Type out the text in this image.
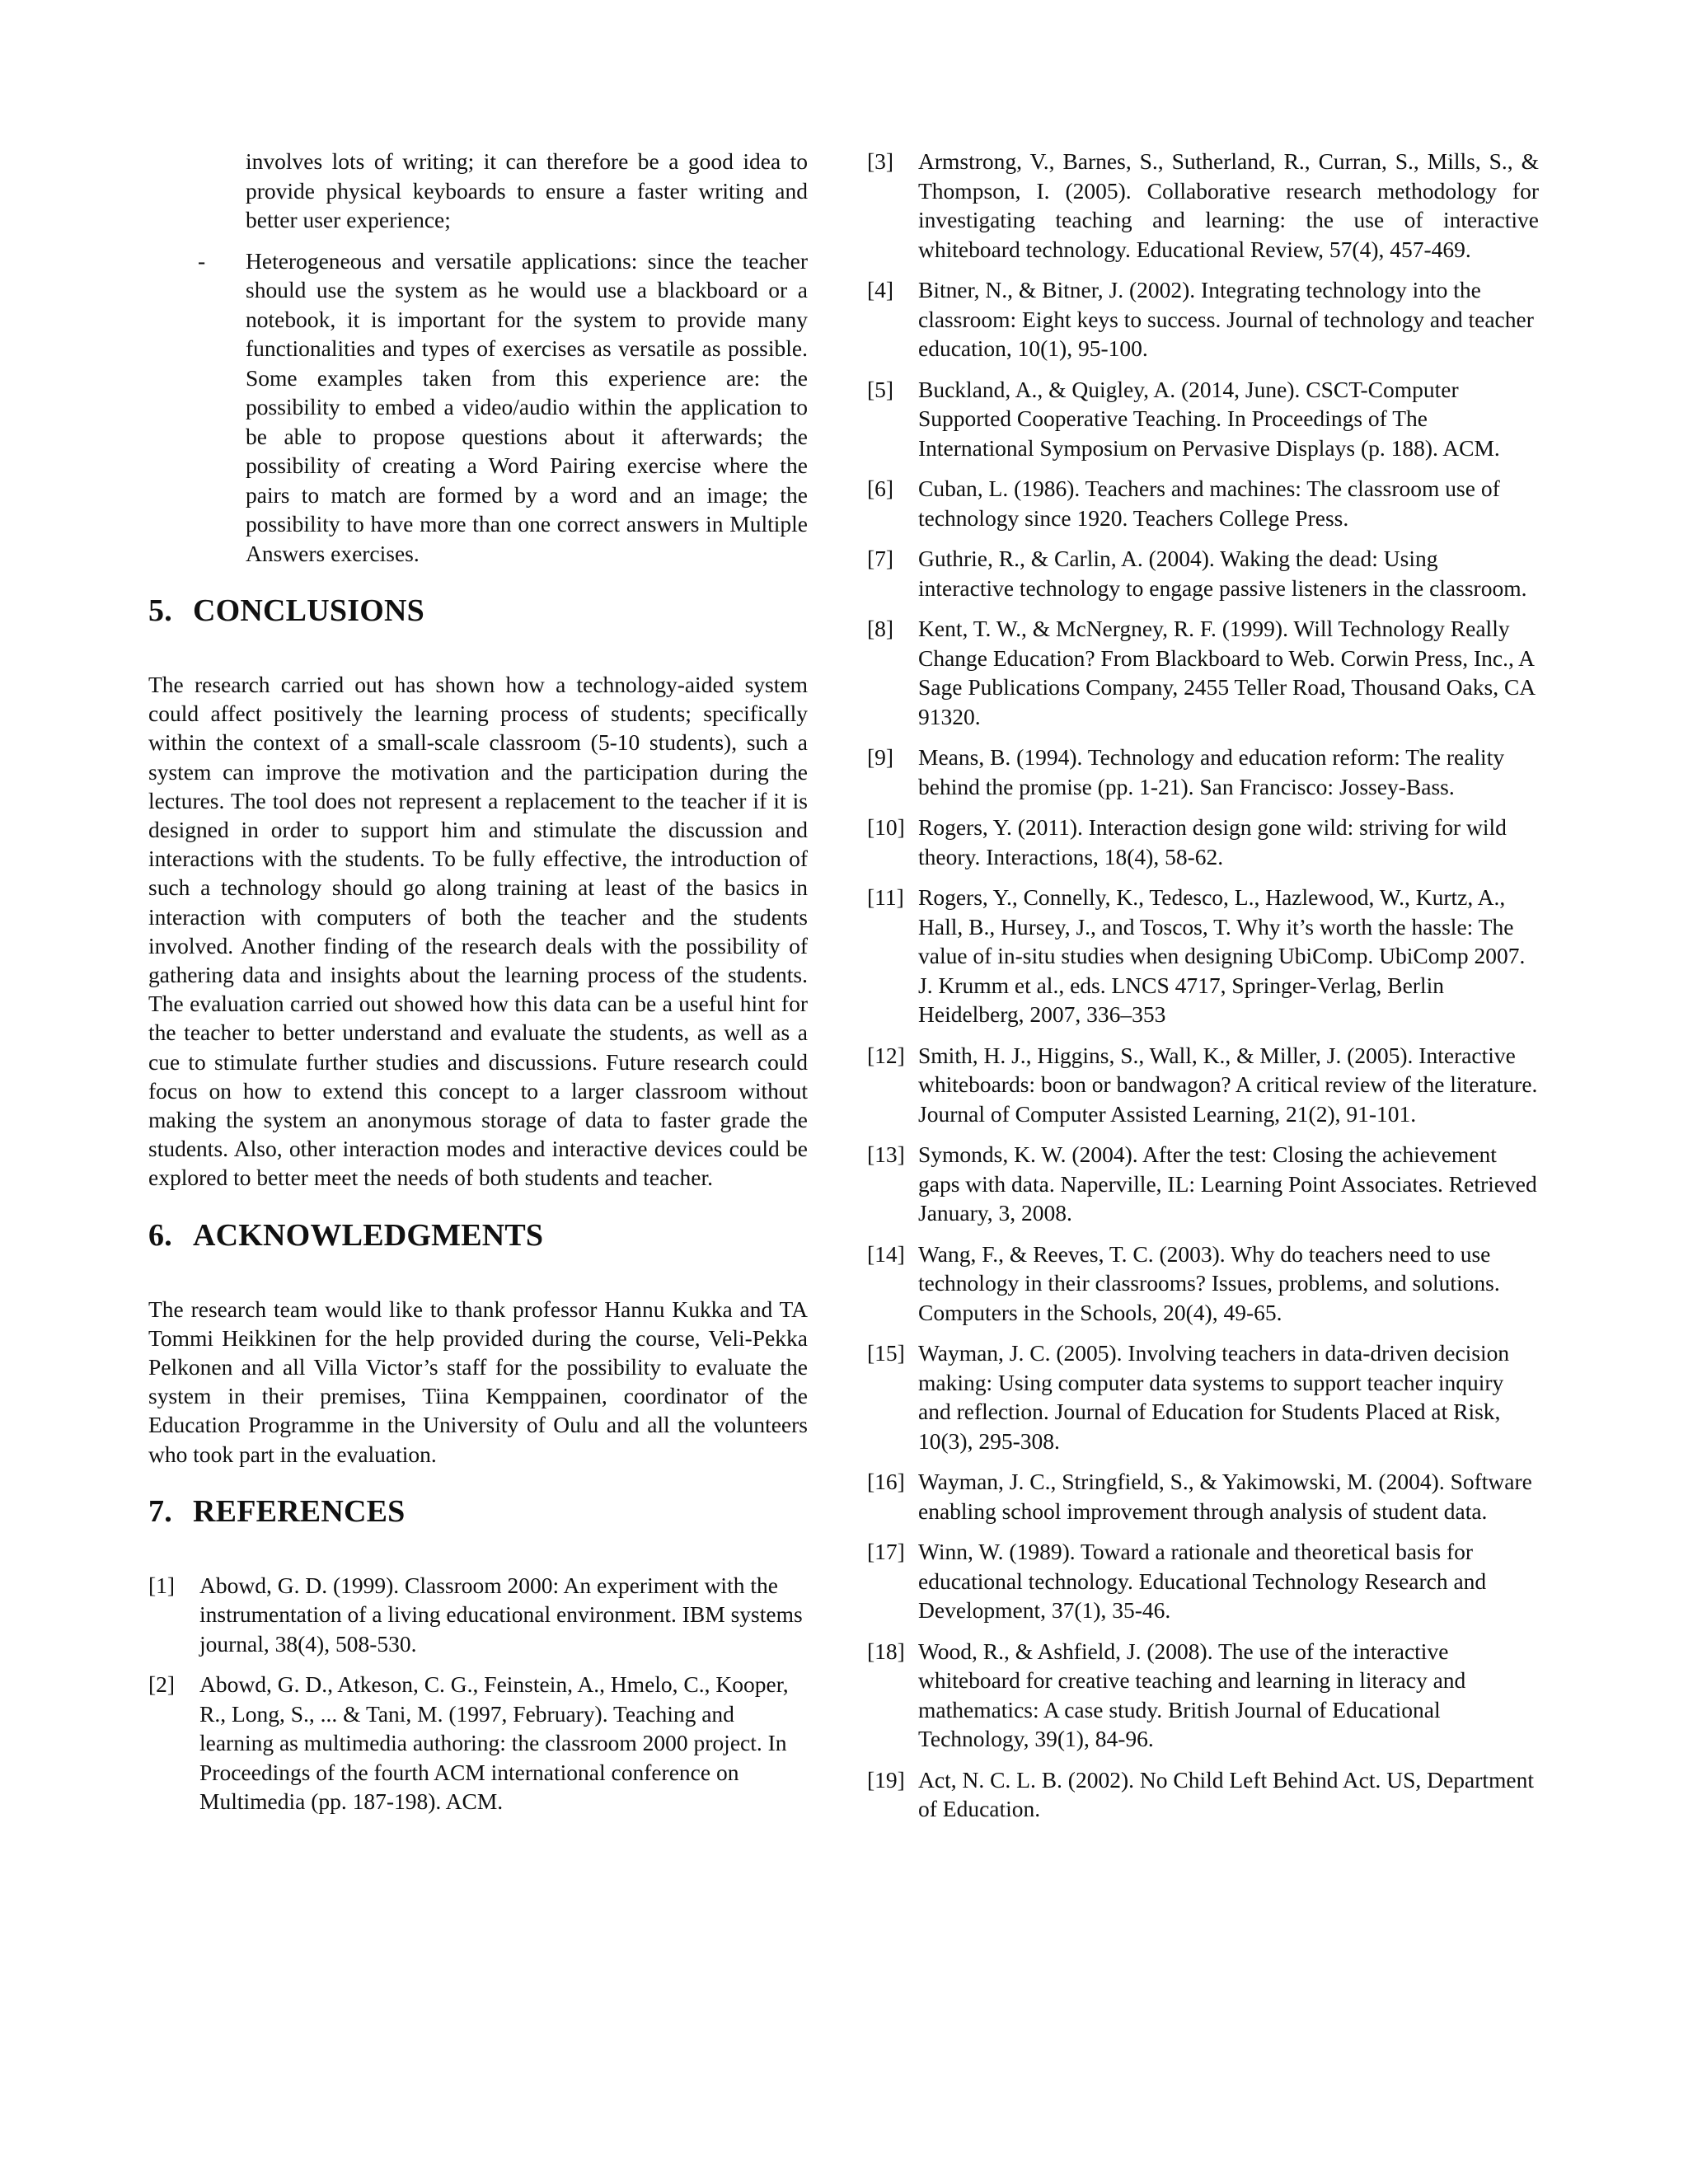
involves lots of writing; it can therefore be a good idea to provide physical keyboards to ensure a faster writing and better user experience;
- Heterogeneous and versatile applications: since the teacher should use the system as he would use a blackboard or a notebook, it is important for the system to provide many functionalities and types of exercises as versatile as possible. Some examples taken from this experience are: the possibility to embed a video/audio within the application to be able to propose questions about it afterwards; the possibility of creating a Word Pairing exercise where the pairs to match are formed by a word and an image; the possibility to have more than one correct answers in Multiple Answers exercises.
5. CONCLUSIONS

The research carried out has shown how a technology-aided system could affect positively the learning process of students; specifically within the context of a small-scale classroom (5-10 students), such a system can improve the motivation and the participation during the lectures. The tool does not represent a replacement to the teacher if it is designed in order to support him and stimulate the discussion and interactions with the students. To be fully effective, the introduction of such a technology should go along training at least of the basics in interaction with computers of both the teacher and the students involved. Another finding of the research deals with the possibility of gathering data and insights about the learning process of the students. The evaluation carried out showed how this data can be a useful hint for the teacher to better understand and evaluate the students, as well as a cue to stimulate further studies and discussions. Future research could focus on how to extend this concept to a larger classroom without making the system an anonymous storage of data to faster grade the students. Also, other interaction modes and interactive devices could be explored to better meet the needs of both students and teacher.

6. ACKNOWLEDGMENTS

The research team would like to thank professor Hannu Kukka and TA Tommi Heikkinen for the help provided during the course, Veli-Pekka Pelkonen and all Villa Victor’s staff for the possibility to evaluate the system in their premises, Tiina Kemppainen, coordinator of the Education Programme in the University of Oulu and all the volunteers who took part in the evaluation.

7. REFERENCES
[1] Abowd, G. D. (1999). Classroom 2000: An experiment with the instrumentation of a living educational environment. IBM systems journal, 38(4), 508-530.
[2] Abowd, G. D., Atkeson, C. G., Feinstein, A., Hmelo, C., Kooper, R., Long, S., ... & Tani, M. (1997, February). Teaching and learning as multimedia authoring: the classroom 2000 project. In Proceedings of the fourth ACM international conference on Multimedia (pp. 187-198). ACM.
[3] Armstrong, V., Barnes, S., Sutherland, R., Curran, S., Mills, S., & Thompson, I. (2005). Collaborative research methodology for investigating teaching and learning: the use of interactive whiteboard technology. Educational Review, 57(4), 457-469.
[4] Bitner, N., & Bitner, J. (2002). Integrating technology into the classroom: Eight keys to success. Journal of technology and teacher education, 10(1), 95-100.
[5] Buckland, A., & Quigley, A. (2014, June). CSCT-Computer Supported Cooperative Teaching. In Proceedings of The International Symposium on Pervasive Displays (p. 188). ACM.
[6] Cuban, L. (1986). Teachers and machines: The classroom use of technology since 1920. Teachers College Press.
[7] Guthrie, R., & Carlin, A. (2004). Waking the dead: Using interactive technology to engage passive listeners in the classroom.
[8] Kent, T. W., & McNergney, R. F. (1999). Will Technology Really Change Education? From Blackboard to Web. Corwin Press, Inc., A Sage Publications Company, 2455 Teller Road, Thousand Oaks, CA 91320.
[9] Means, B. (1994). Technology and education reform: The reality behind the promise (pp. 1-21). San Francisco: Jossey-Bass.
[10] Rogers, Y. (2011). Interaction design gone wild: striving for wild theory. Interactions, 18(4), 58-62.
[11] Rogers, Y., Connelly, K., Tedesco, L., Hazlewood, W., Kurtz, A., Hall, B., Hursey, J., and Toscos, T. Why it’s worth the hassle: The value of in-situ studies when designing UbiComp. UbiComp 2007. J. Krumm et al., eds. LNCS 4717, Springer-Verlag, Berlin Heidelberg, 2007, 336–353
[12] Smith, H. J., Higgins, S., Wall, K., & Miller, J. (2005). Interactive whiteboards: boon or bandwagon? A critical review of the literature. Journal of Computer Assisted Learning, 21(2), 91-101.
[13] Symonds, K. W. (2004). After the test: Closing the achievement gaps with data. Naperville, IL: Learning Point Associates. Retrieved January, 3, 2008.
[14] Wang, F., & Reeves, T. C. (2003). Why do teachers need to use technology in their classrooms? Issues, problems, and solutions. Computers in the Schools, 20(4), 49-65.
[15] Wayman, J. C. (2005). Involving teachers in data-driven decision making: Using computer data systems to support teacher inquiry and reflection. Journal of Education for Students Placed at Risk, 10(3), 295-308.
[16] Wayman, J. C., Stringfield, S., & Yakimowski, M. (2004). Software enabling school improvement through analysis of student data.
[17] Winn, W. (1989). Toward a rationale and theoretical basis for educational technology. Educational Technology Research and Development, 37(1), 35-46.
[18] Wood, R., & Ashfield, J. (2008). The use of the interactive whiteboard for creative teaching and learning in literacy and mathematics: A case study. British Journal of Educational Technology, 39(1), 84-96.
[19] Act, N. C. L. B. (2002). No Child Left Behind Act. US, Department of Education.
